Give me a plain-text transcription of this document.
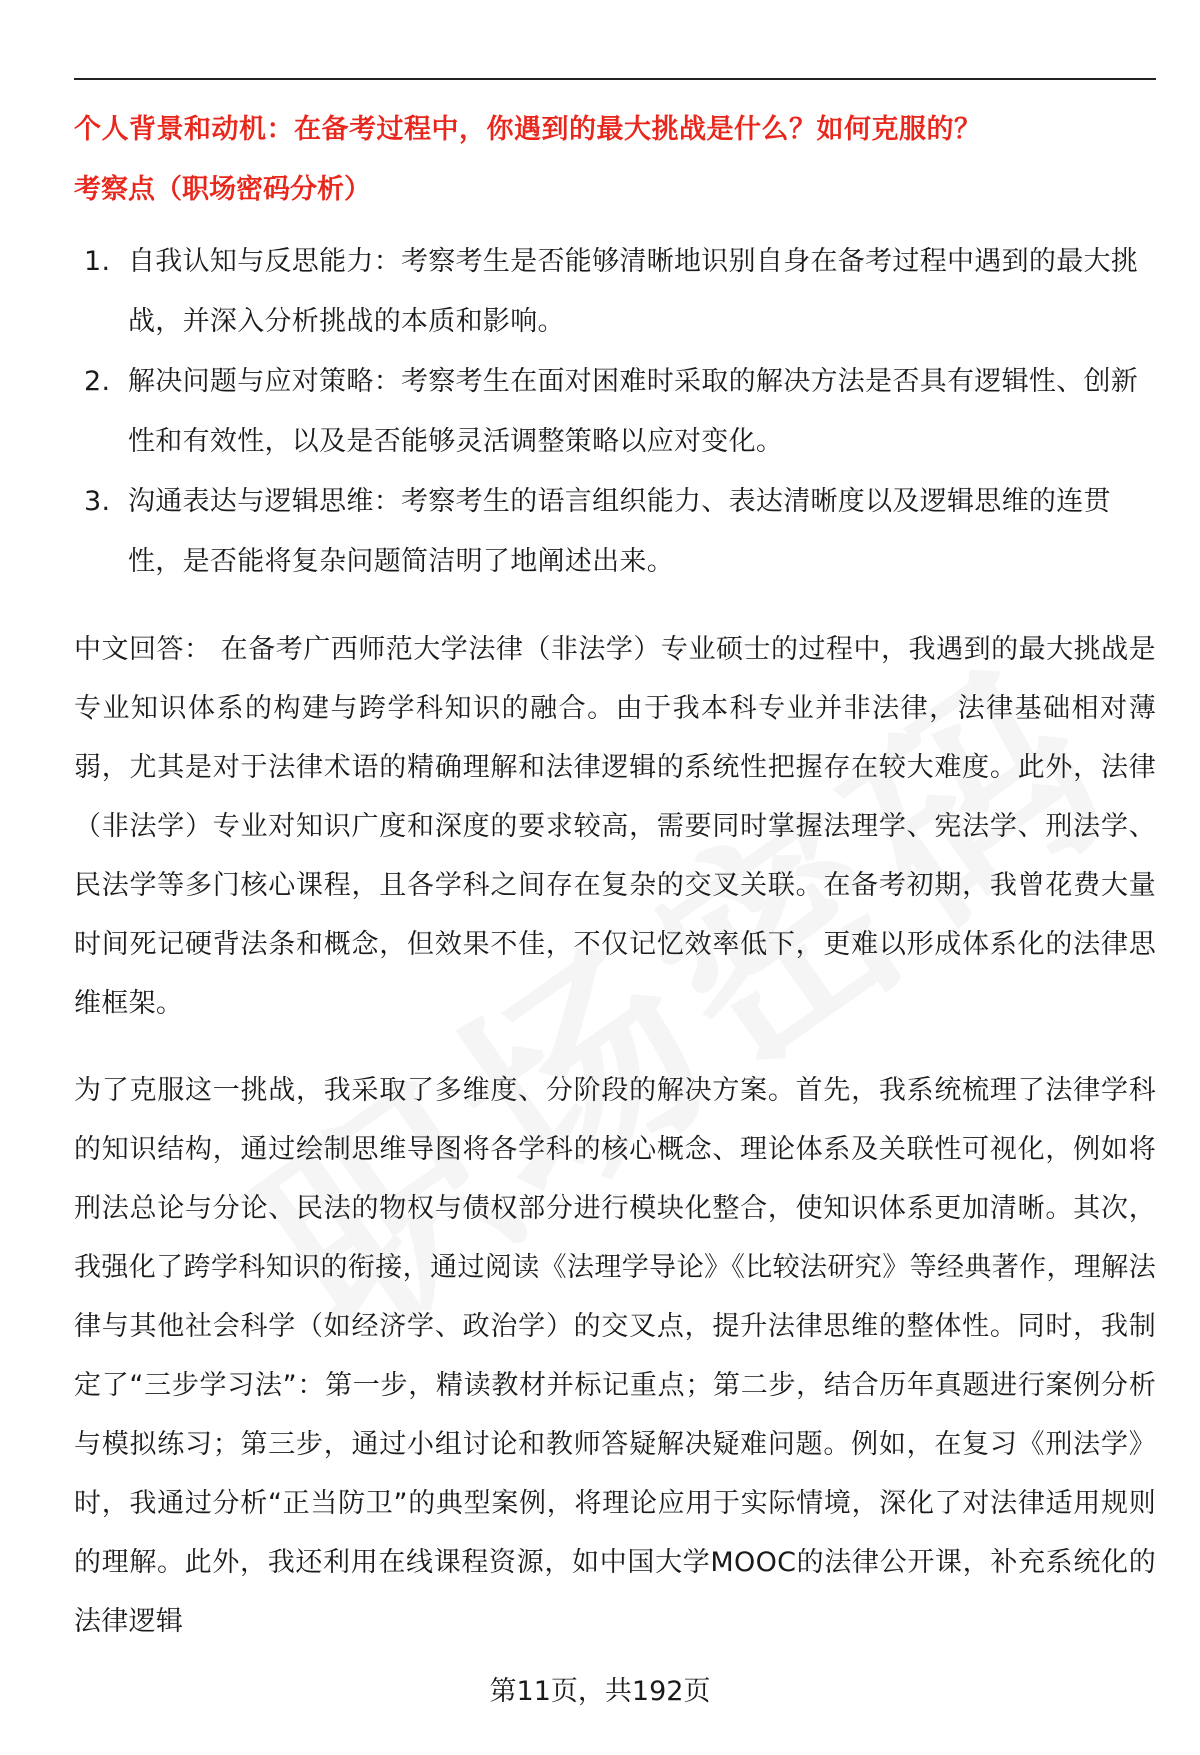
个人背景和动机：在备考过程中，你遇到的最大挑战是什么？如何克服的？
考察点（职场密码分析）
1. 自我认知与反思能力：考察考生是否能够清晰地识别自身在备考过程中遇到的最大挑战，并深入分析挑战的本质和影响。
2. 解决问题与应对策略：考察考生在面对困难时采取的解决方法是否具有逻辑性、创新性和有效性，以及是否能够灵活调整策略以应对变化。
3. 沟通表达与逻辑思维：考察考生的语言组织能力、表达清晰度以及逻辑思维的连贯性，是否能将复杂问题简洁明了地阐述出来。

中文回答： 在备考广西师范大学法律（非法学）专业硕士的过程中，我遇到的最大挑战是专业知识体系的构建与跨学科知识的融合。由于我本科专业并非法律，法律基础相对薄弱，尤其是对于法律术语的精确理解和法律逻辑的系统性把握存在较大难度。此外，法律（非法学）专业对知识广度和深度的要求较高，需要同时掌握法理学、宪法学、刑法学、民法学等多门核心课程，且各学科之间存在复杂的交叉关联。在备考初期，我曾花费大量时间死记硬背法条和概念，但效果不佳，不仅记忆效率低下，更难以形成体系化的法律思维框架。

为了克服这一挑战，我采取了多维度、分阶段的解决方案。首先，我系统梳理了法律学科的知识结构，通过绘制思维导图将各学科的核心概念、理论体系及关联性可视化，例如将刑法总论与分论、民法的物权与债权部分进行模块化整合，使知识体系更加清晰。其次，我强化了跨学科知识的衔接，通过阅读《法理学导论》《比较法研究》等经典著作，理解法律与其他社会科学（如经济学、政治学）的交叉点，提升法律思维的整体性。同时，我制定了“三步学习法”：第一步，精读教材并标记重点；第二步，结合历年真题进行案例分析与模拟练习；第三步，通过小组讨论和教师答疑解决疑难问题。例如，在复习《刑法学》时，我通过分析“正当防卫”的典型案例，将理论应用于实际情境，深化了对法律适用规则的理解。此外，我还利用在线课程资源，如中国大学MOOC的法律公开课，补充系统化的法律逻辑

第11页，共192页
